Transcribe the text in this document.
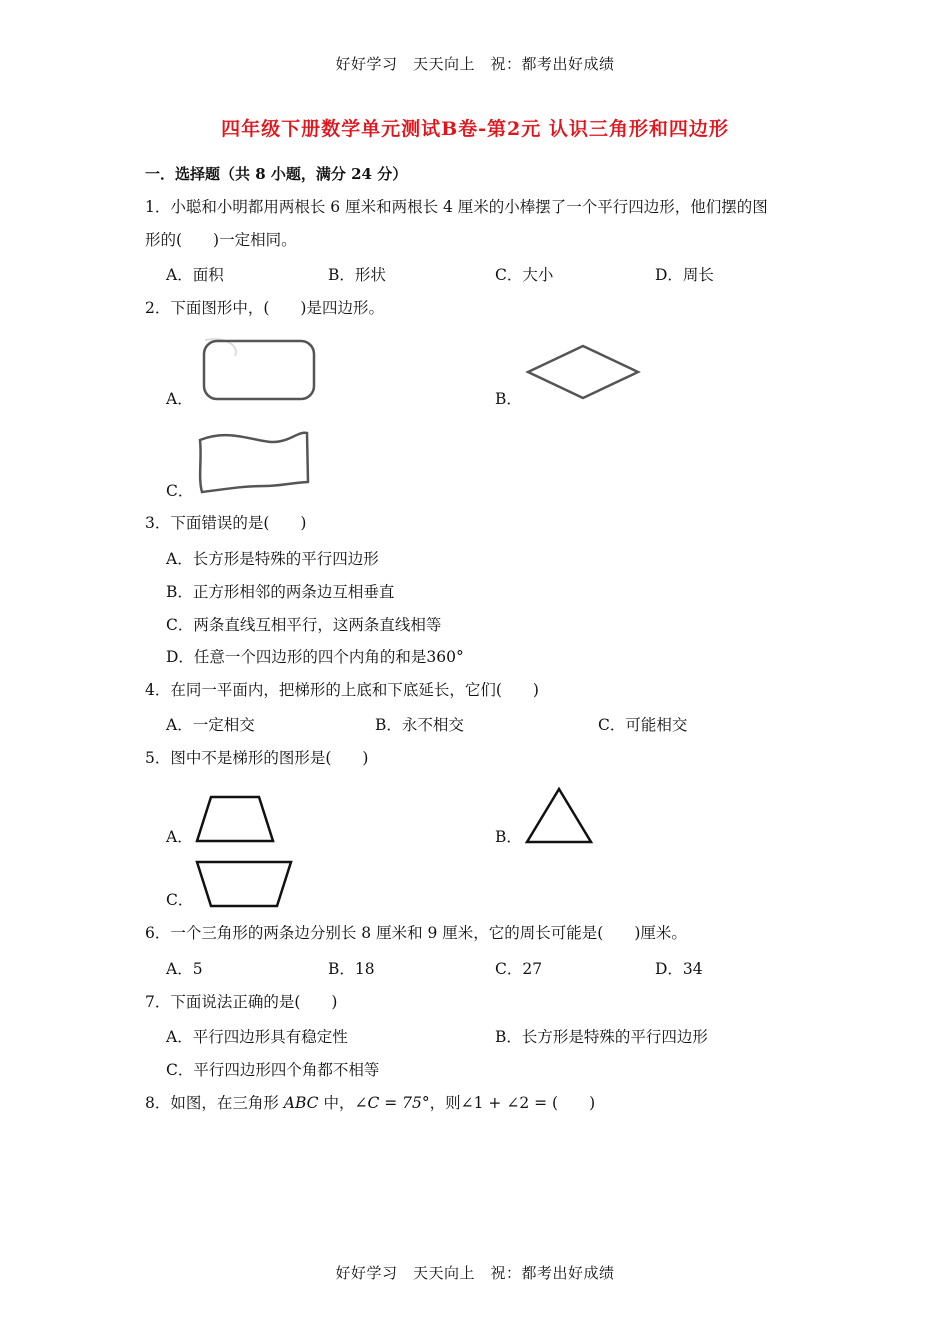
好好学习　天天向上　祝：都考出好成绩
四年级下册数学单元测试B卷-第2元 认识三角形和四边形
一．选择题（共 8 小题，满分 24 分）
1．小聪和小明都用两根长 6 厘米和两根长 4 厘米的小棒摆了一个平行四边形，他们摆的图
形的(　　)一定相同。
A．面积	B．形状	C．大小	D．周长
2．下面图形中，(　　)是四边形。
A．	B．
C．
3．下面错误的是(　　)
A．长方形是特殊的平行四边形
B．正方形相邻的两条边互相垂直
C．两条直线互相平行，这两条直线相等
D．任意一个四边形的四个内角的和是360°
4．在同一平面内，把梯形的上底和下底延长，它们(　　)
A．一定相交	B．永不相交	C．可能相交
5．图中不是梯形的图形是(　　)
A．	B．
C．
6．一个三角形的两条边分别长 8 厘米和 9 厘米，它的周长可能是(　　)厘米。
A．5	B．18	C．27	D．34
7．下面说法正确的是(　　)
A．平行四边形具有稳定性	B．长方形是特殊的平行四边形
C．平行四边形四个角都不相等
8．如图，在三角形 ABC 中，∠C = 75°，则∠1 + ∠2 = (　　)
好好学习　天天向上　祝：都考出好成绩
